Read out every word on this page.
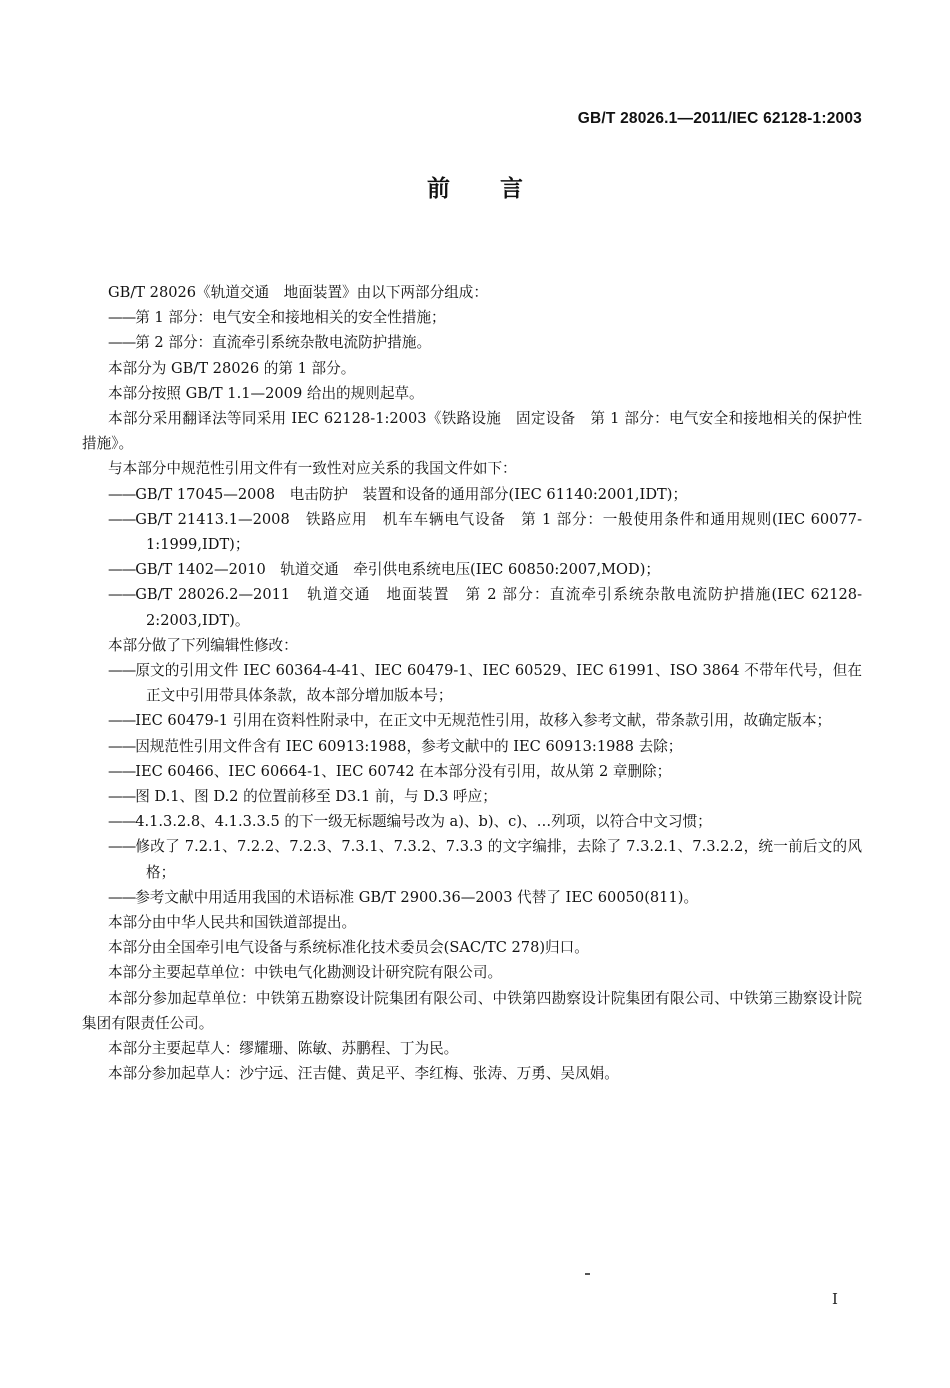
GB/T 28026.1—2011/IEC 62128-1:2003
前言

GB/T 28026《轨道交通　地面装置》由以下两部分组成：

——第 1 部分：电气安全和接地相关的安全性措施；

——第 2 部分：直流牵引系统杂散电流防护措施。

本部分为 GB/T 28026 的第 1 部分。

本部分按照 GB/T 1.1—2009 给出的规则起草。

本部分采用翻译法等同采用 IEC 62128-1:2003《铁路设施　固定设备　第 1 部分：电气安全和接地相关的保护性措施》。

与本部分中规范性引用文件有一致性对应关系的我国文件如下：

——GB/T 17045—2008　电击防护　装置和设备的通用部分(IEC 61140:2001,IDT)；

——GB/T 21413.1—2008　铁路应用　机车车辆电气设备　第 1 部分：一般使用条件和通用规则(IEC 60077-1:1999,IDT)；

——GB/T 1402—2010　轨道交通　牵引供电系统电压(IEC 60850:2007,MOD)；

——GB/T 28026.2—2011　轨道交通　地面装置　第 2 部分：直流牵引系统杂散电流防护措施(IEC 62128-2:2003,IDT)。

本部分做了下列编辑性修改：

——原文的引用文件 IEC 60364-4-41、IEC 60479-1、IEC 60529、IEC 61991、ISO 3864 不带年代号，但在正文中引用带具体条款，故本部分增加版本号；

——IEC 60479-1 引用在资料性附录中，在正文中无规范性引用，故移入参考文献，带条款引用，故确定版本；

——因规范性引用文件含有 IEC 60913:1988，参考文献中的 IEC 60913:1988 去除；

——IEC 60466、IEC 60664-1、IEC 60742 在本部分没有引用，故从第 2 章删除；

——图 D.1、图 D.2 的位置前移至 D3.1 前，与 D.3 呼应；

——4.1.3.2.8、4.1.3.3.5 的下一级无标题编号改为 a)、b)、c)、…列项，以符合中文习惯；

——修改了 7.2.1、7.2.2、7.2.3、7.3.1、7.3.2、7.3.3 的文字编排，去除了 7.3.2.1、7.3.2.2，统一前后文的风格；

——参考文献中用适用我国的术语标准 GB/T 2900.36—2003 代替了 IEC 60050(811)。

本部分由中华人民共和国铁道部提出。

本部分由全国牵引电气设备与系统标准化技术委员会(SAC/TC 278)归口。

本部分主要起草单位：中铁电气化勘测设计研究院有限公司。

本部分参加起草单位：中铁第五勘察设计院集团有限公司、中铁第四勘察设计院集团有限公司、中铁第三勘察设计院集团有限责任公司。

本部分主要起草人：缪耀珊、陈敏、苏鹏程、丁为民。

本部分参加起草人：沙宁远、汪吉健、黄足平、李红梅、张涛、万勇、吴凤娟。

I
